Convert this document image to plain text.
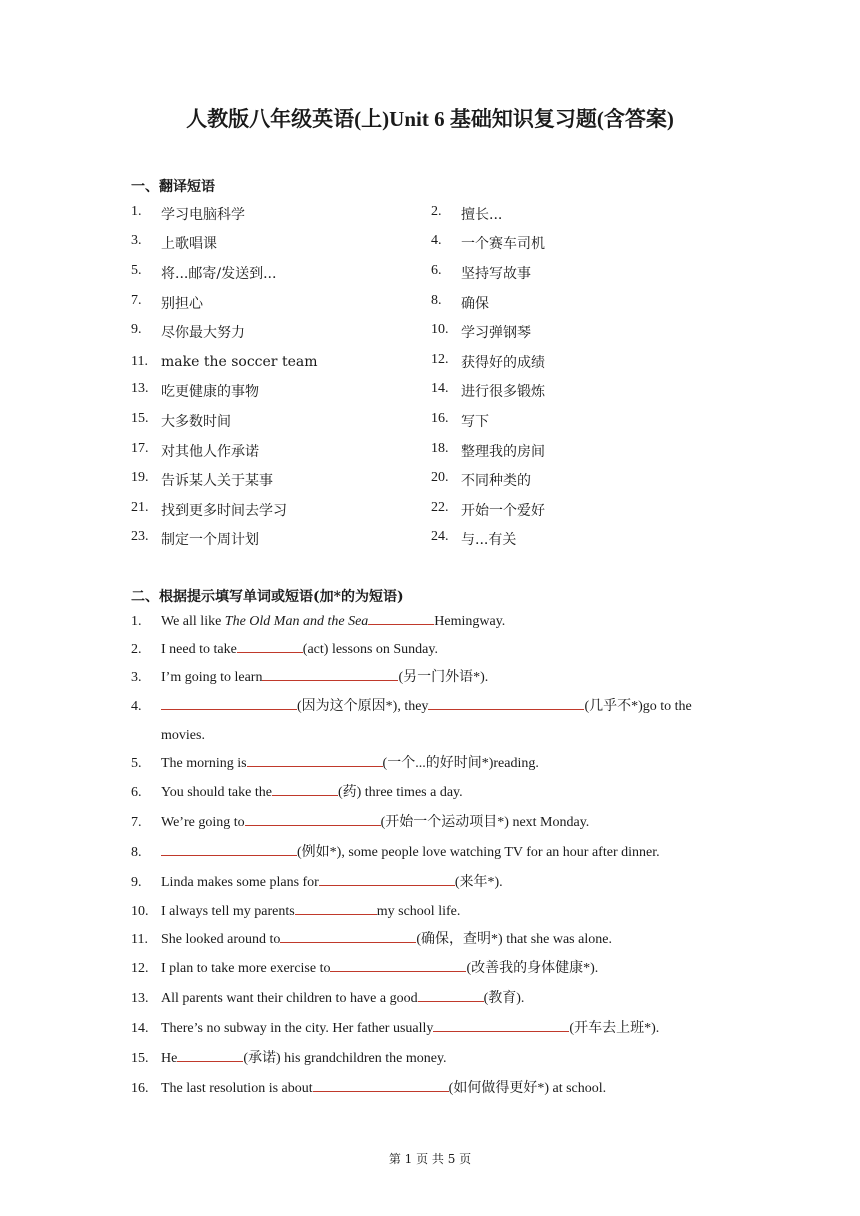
人教版八年级英语(上)Unit 6 基础知识复习题(含答案)
一、翻译短语
1.	学习电脑科学	2.	擅长...
3.	上歌唱课	4.	一个赛车司机
5.	将...邮寄/发送到...	6.	坚持写故事
7.	别担心	8.	确保
9.	尽你最大努力	10. 学习弹钢琴
11. make the soccer team	12. 获得好的成绩
13. 吃更健康的事物	14. 进行很多锻炼
15. 大多数时间	16. 写下
17. 对其他人作承诺	18. 整理我的房间
19. 告诉某人关于某事	20. 不同种类的
21. 找到更多时间去学习	22. 开始一个爱好
23. 制定一个周计划	24. 与...有关
二、根据提示填写单词或短语(加*的为短语)
1.	We all like The Old Man and the Sea	Hemingway.
2.	I need to take	(act) lessons on Sunday.
3.	I’m going to learn	(另一门外语*).
4.	(因为这个原因*), they	(几乎不*)go to the
movies.
5.	The morning is	(一个...的好时间*)reading.
6.	You should take the	(药) three times a day.
7.	We’re going to	(开始一个运动项目*) next Monday.
8.	(例如*), some people love watching TV for an hour after dinner.
9.	Linda makes some plans for	(来年*).
10. I always tell my parents	my school life.
11. She looked around to	(确保，查明*) that she was alone.
12. I plan to take more exercise to	(改善我的身体健康*).
13. All parents want their children to have a good	(教育).
14. There’s no subway in the city. Her father usually	(开车去上班*).
15. He	(承诺) his grandchildren the money.
16. The last resolution is about	(如何做得更好*) at school.
第 1 页 共 5 页
